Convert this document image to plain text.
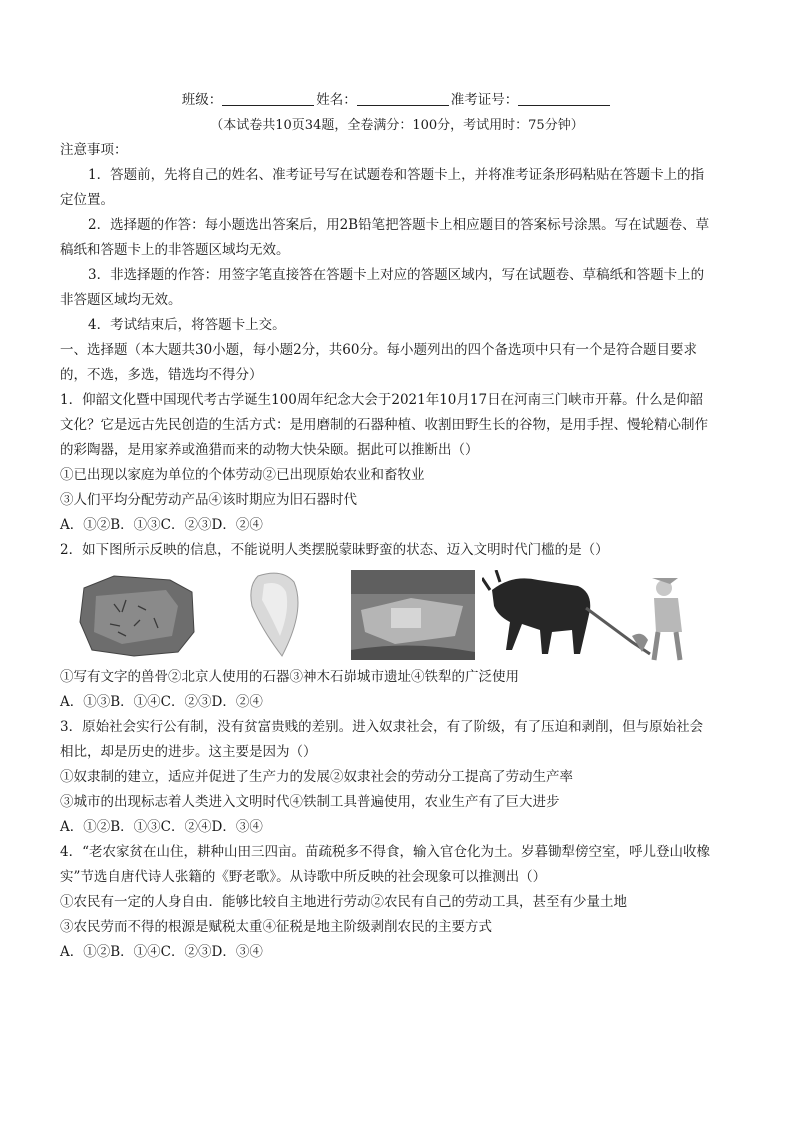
班级：	姓名：	准考证号：
（本试卷共10页34题，全卷满分：100分，考试用时：75分钟）
注意事项：
1．答题前，先将自己的姓名、准考证号写在试题卷和答题卡上，并将准考证条形码粘贴在答题卡上的指
定位置。
2．选择题的作答：每小题选出答案后，用2B铅笔把答题卡上相应题目的答案标号涂黑。写在试题卷、草
稿纸和答题卡上的非答题区域均无效。
3．非选择题的作答：用签字笔直接答在答题卡上对应的答题区域内，写在试题卷、草稿纸和答题卡上的
非答题区域均无效。
4．考试结束后，将答题卡上交。
一、选择题（本大题共30小题，每小题2分，共60分。每小题列出的四个备选项中只有一个是符合题目要求
的，不选，多选，错选均不得分）
1．仰韶文化暨中国现代考古学诞生100周年纪念大会于2021年10月17日在河南三门峡市开幕。什么是仰韶
文化？它是远古先民创造的生活方式：是用磨制的石器种植、收割田野生长的谷物，是用手捏、慢轮精心制作
的彩陶器，是用家养或渔猎而来的动物大快朵颐。据此可以推断出（）
①已出现以家庭为单位的个体劳动②已出现原始农业和畜牧业
③人们平均分配劳动产品④该时期应为旧石器时代
A．①②B．①③C．②③D．②④
2．如下图所示反映的信息，不能说明人类摆脱蒙昧野蛮的状态、迈入文明时代门槛的是（）
①写有文字的兽骨②北京人使用的石器③神木石峁城市遗址④铁犁的广泛使用
A．①③B．①④C．②③D．②④
3．原始社会实行公有制，没有贫富贵贱的差别。进入奴隶社会，有了阶级，有了压迫和剥削，但与原始社会
相比，却是历史的进步。这主要是因为（）
①奴隶制的建立，适应并促进了生产力的发展②奴隶社会的劳动分工提高了劳动生产率
③城市的出现标志着人类进入文明时代④铁制工具普遍使用，农业生产有了巨大进步
A．①②B．①③C．②④D．③④
4．“老农家贫在山住，耕种山田三四亩。苗疏税多不得食，输入官仓化为土。岁暮锄犁傍空室，呼儿登山收橡
实”节选自唐代诗人张籍的《野老歌》。从诗歌中所反映的社会现象可以推测出（）
①农民有一定的人身自由．能够比较自主地进行劳动②农民有自己的劳动工具，甚至有少量土地
③农民劳而不得的根源是赋税太重④征税是地主阶级剥削农民的主要方式
A．①②B．①④C．②③D．③④
